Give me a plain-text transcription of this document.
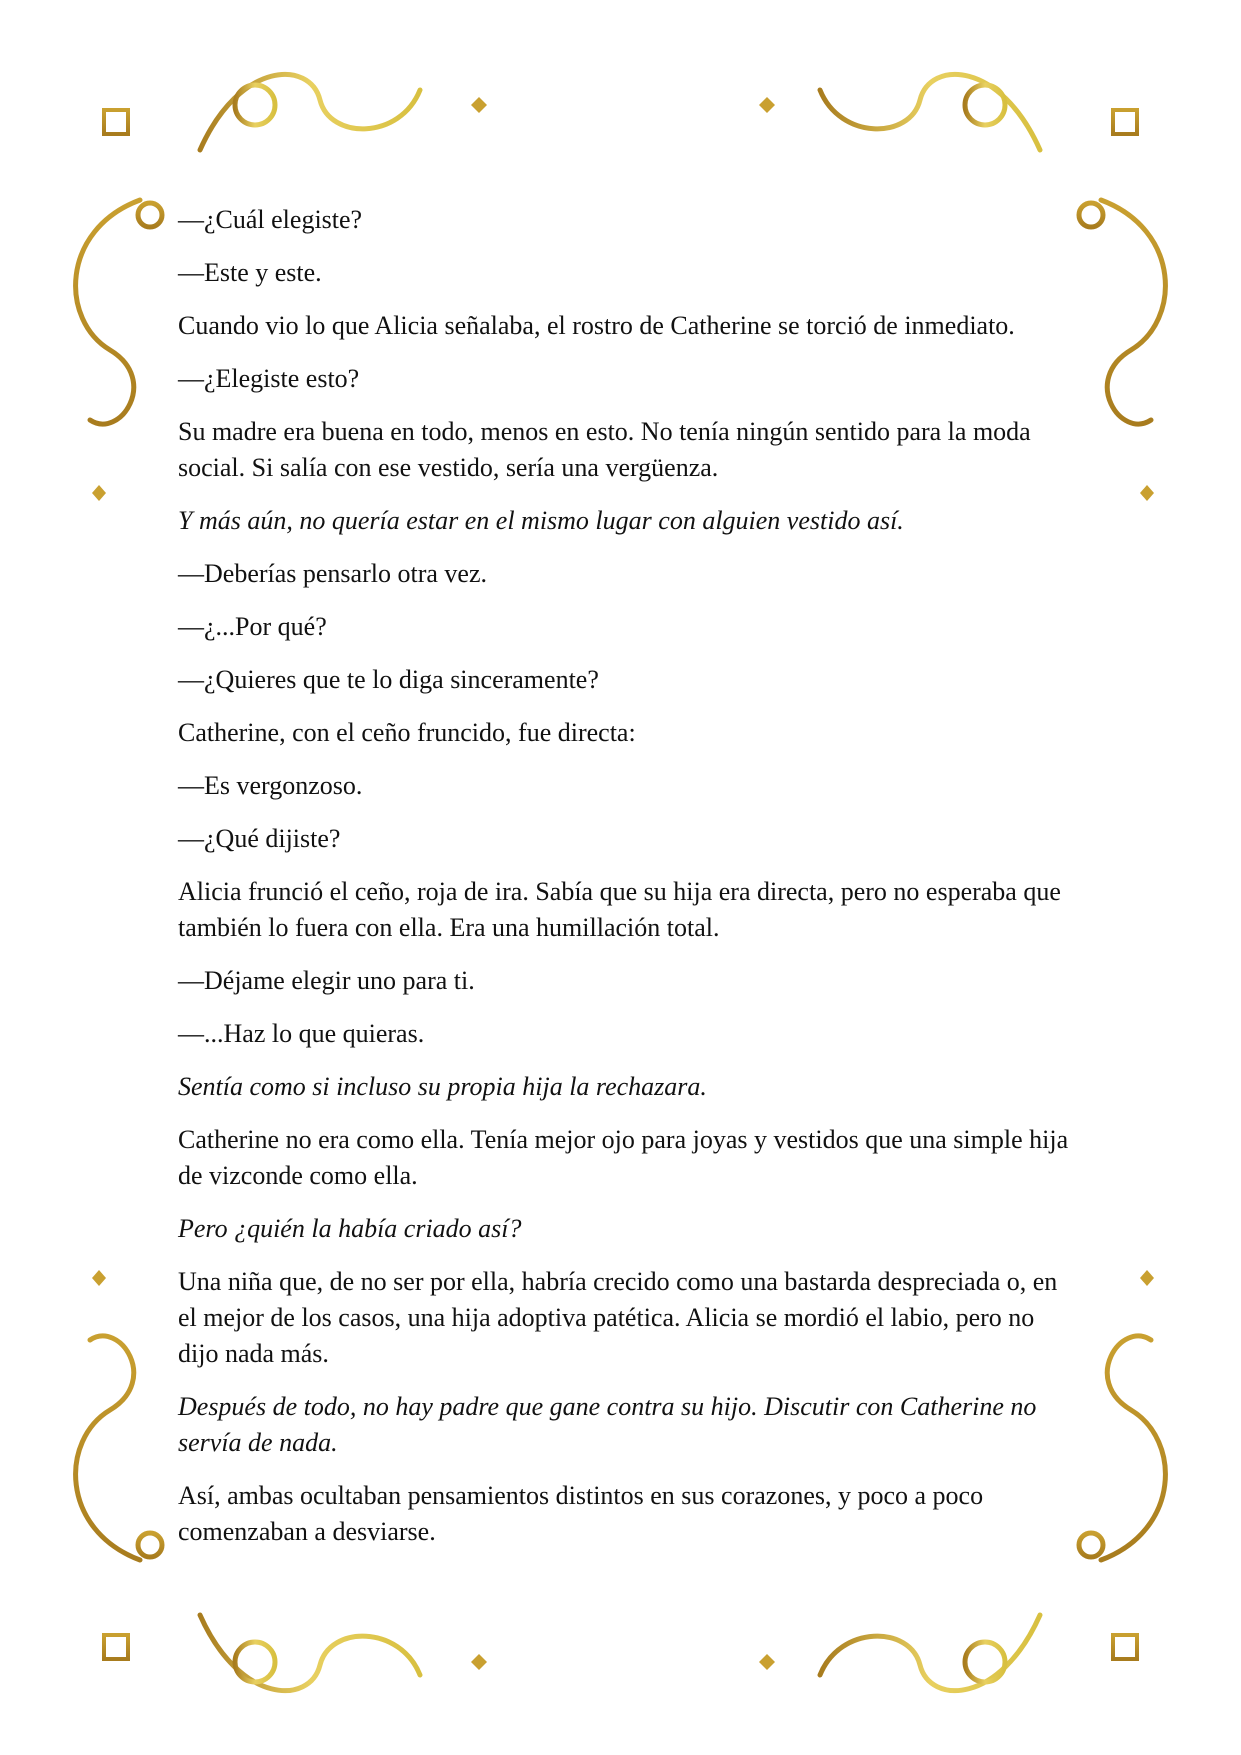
—¿Cuál elegiste?

—Este y este.

Cuando vio lo que Alicia señalaba, el rostro de Catherine se torció de inmediato.

—¿Elegiste esto?

Su madre era buena en todo, menos en esto. No tenía ningún sentido para la moda social. Si salía con ese vestido, sería una vergüenza.

Y más aún, no quería estar en el mismo lugar con alguien vestido así.

—Deberías pensarlo otra vez.

—¿...Por qué?

—¿Quieres que te lo diga sinceramente?

Catherine, con el ceño fruncido, fue directa:

—Es vergonzoso.

—¿Qué dijiste?

Alicia frunció el ceño, roja de ira. Sabía que su hija era directa, pero no esperaba que también lo fuera con ella. Era una humillación total.

—Déjame elegir uno para ti.

—...Haz lo que quieras.

Sentía como si incluso su propia hija la rechazara.

Catherine no era como ella. Tenía mejor ojo para joyas y vestidos que una simple hija de vizconde como ella.

Pero ¿quién la había criado así?

Una niña que, de no ser por ella, habría crecido como una bastarda despreciada o, en el mejor de los casos, una hija adoptiva patética. Alicia se mordió el labio, pero no dijo nada más.

Después de todo, no hay padre que gane contra su hijo. Discutir con Catherine no servía de nada.

Así, ambas ocultaban pensamientos distintos en sus corazones, y poco a poco comenzaban a desviarse.
